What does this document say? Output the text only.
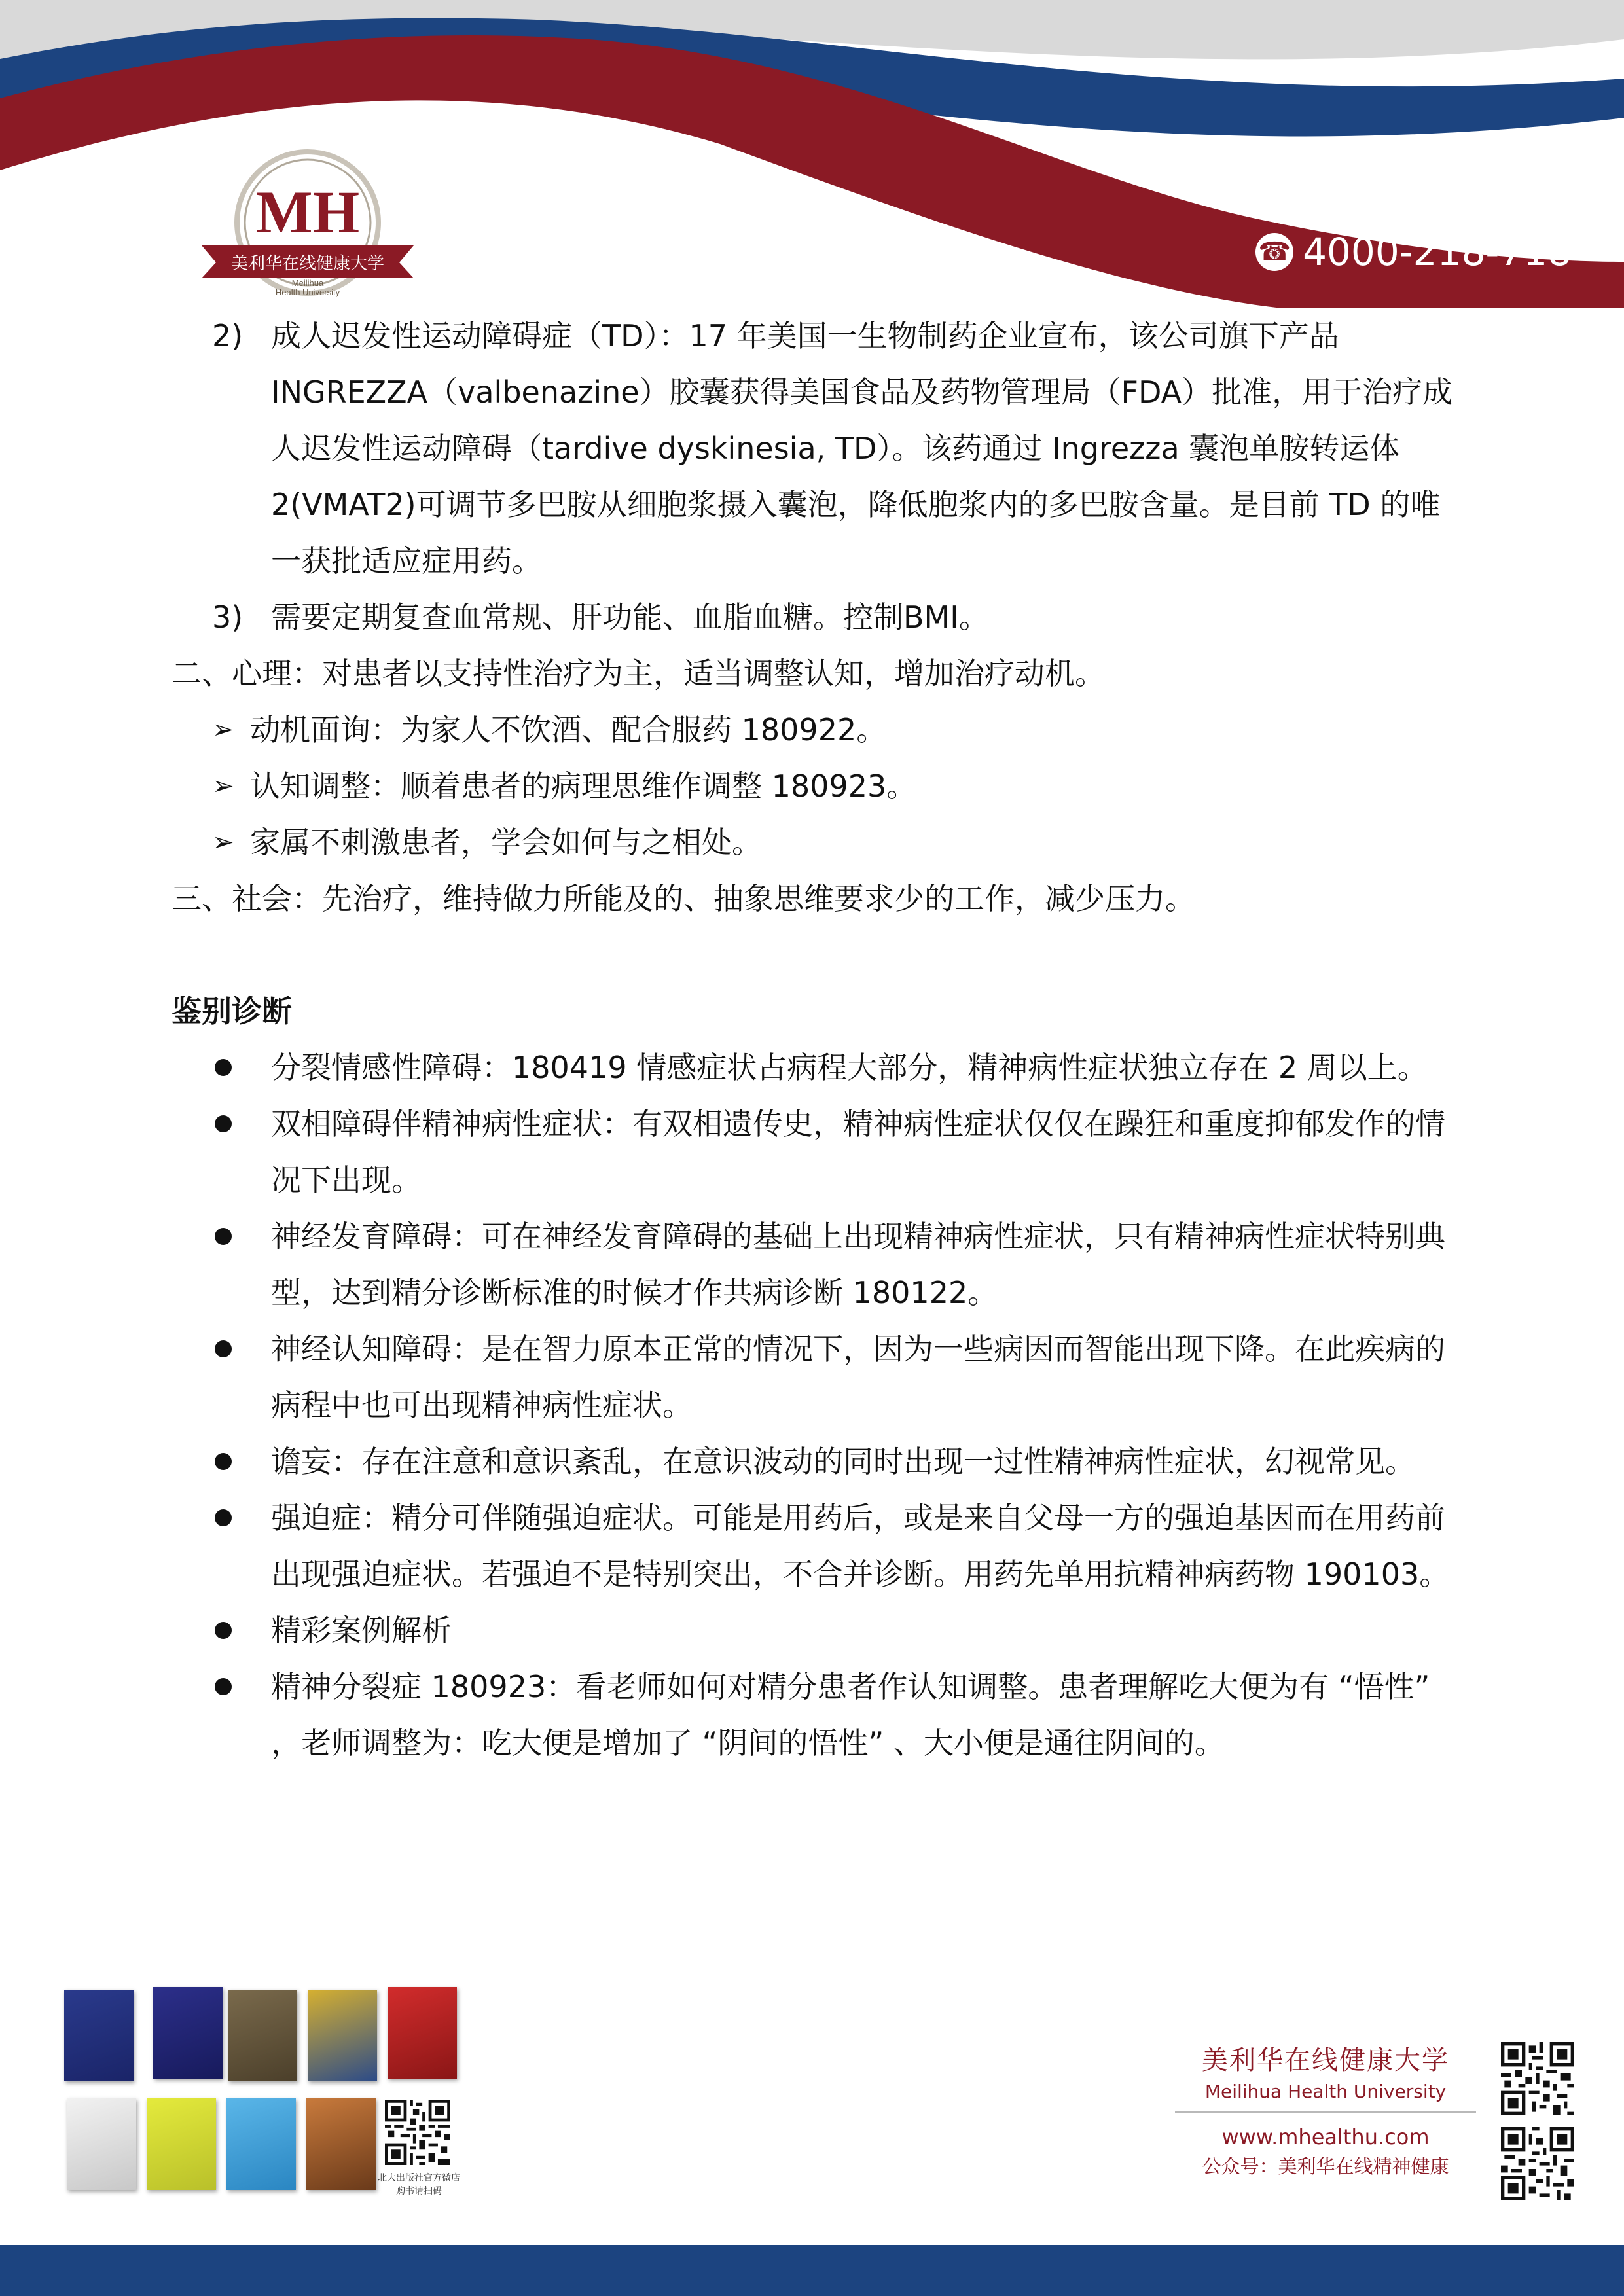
MH
美利华在线健康大学
Meilihua
Health University
报名学习 督导会诊
☎ 4000-218-718
2) 成人迟发性运动障碍症（TD）：17 年美国一生物制药企业宣布，该公司旗下产品 INGREZZA（valbenazine）胶囊获得美国食品及药物管理局（FDA）批准，用于治疗成人迟发性运动障碍（tardive dyskinesia, TD）。该药通过 Ingrezza 囊泡单胺转运体 2(VMAT2)可调节多巴胺从细胞浆摄入囊泡，降低胞浆内的多巴胺含量。是目前 TD 的唯一获批适应症用药。
3) 需要定期复查血常规、肝功能、血脂血糖。控制BMI。
二、心理：对患者以支持性治疗为主，适当调整认知，增加治疗动机。
➢ 动机面询：为家人不饮酒、配合服药 180922。
➢ 认知调整：顺着患者的病理思维作调整 180923。
➢ 家属不刺激患者，学会如何与之相处。
三、社会：先治疗，维持做力所能及的、抽象思维要求少的工作，减少压力。
鉴别诊断
分裂情感性障碍：180419 情感症状占病程大部分，精神病性症状独立存在 2 周以上。
双相障碍伴精神病性症状：有双相遗传史，精神病性症状仅仅在躁狂和重度抑郁发作的情况下出现。
神经发育障碍：可在神经发育障碍的基础上出现精神病性症状，只有精神病性症状特别典型，达到精分诊断标准的时候才作共病诊断 180122。
神经认知障碍：是在智力原本正常的情况下，因为一些病因而智能出现下降。在此疾病的病程中也可出现精神病性症状。
谵妄：存在注意和意识紊乱，在意识波动的同时出现一过性精神病性症状，幻视常见。
强迫症：精分可伴随强迫症状。可能是用药后，或是来自父母一方的强迫基因而在用药前出现强迫症状。若强迫不是特别突出，不合并诊断。用药先单用抗精神病药物 190103。
精彩案例解析
精神分裂症 180923：看老师如何对精分患者作认知调整。患者理解吃大便为有 “悟性” ，老师调整为：吃大便是增加了 “阴间的悟性” 、大小便是通往阴间的。
北大出版社官方微店
购书请扫码
美利华在线健康大学
Meilihua Health University
www.mhealthu.com
公众号：美利华在线精神健康
